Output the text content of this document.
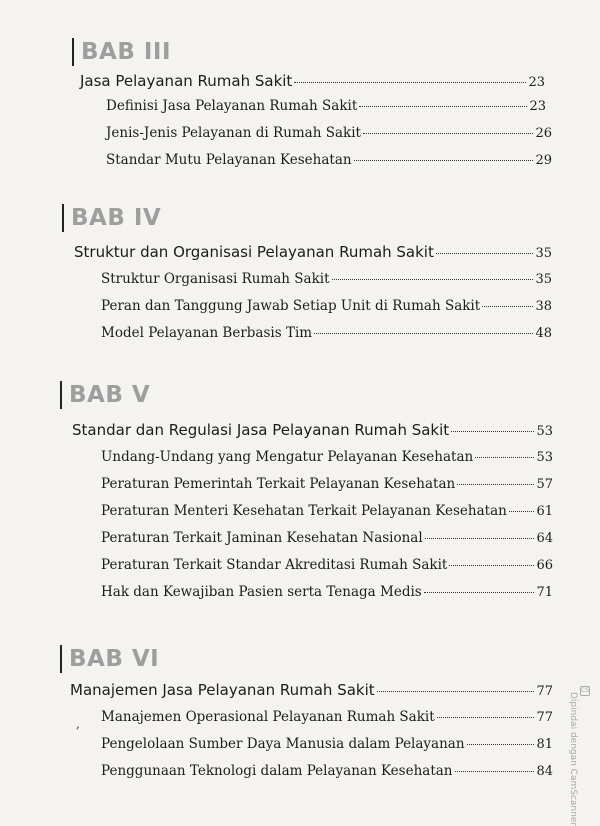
BAB III
Jasa Pelayanan Rumah Sakit	23
Definisi Jasa Pelayanan Rumah Sakit	23
Jenis-Jenis Pelayanan di Rumah Sakit	26
Standar Mutu Pelayanan Kesehatan	29
BAB IV
Struktur dan Organisasi Pelayanan Rumah Sakit	35
Struktur Organisasi Rumah Sakit	35
Peran dan Tanggung Jawab Setiap Unit di Rumah Sakit	38
Model Pelayanan Berbasis Tim	48
BAB V
Standar dan Regulasi Jasa Pelayanan Rumah Sakit	53
Undang-Undang yang Mengatur Pelayanan Kesehatan	53
Peraturan Pemerintah Terkait Pelayanan Kesehatan	57
Peraturan Menteri Kesehatan Terkait Pelayanan Kesehatan 61
Peraturan Terkait Jaminan Kesehatan Nasional	64
Peraturan Terkait Standar Akreditasi Rumah Sakit	66
Hak dan Kewajiban Pasien serta Tenaga Medis	71
BAB VI
Manajemen Jasa Pelayanan Rumah Sakit	77
, Manajemen Operasional Pelayanan Rumah Sakit	77
Pengelolaan Sumber Daya Manusia dalam Pelayanan	81
Penggunaan Teknologi dalam Pelayanan Kesehatan	84
CS
Dipindai dengan CamScanner
